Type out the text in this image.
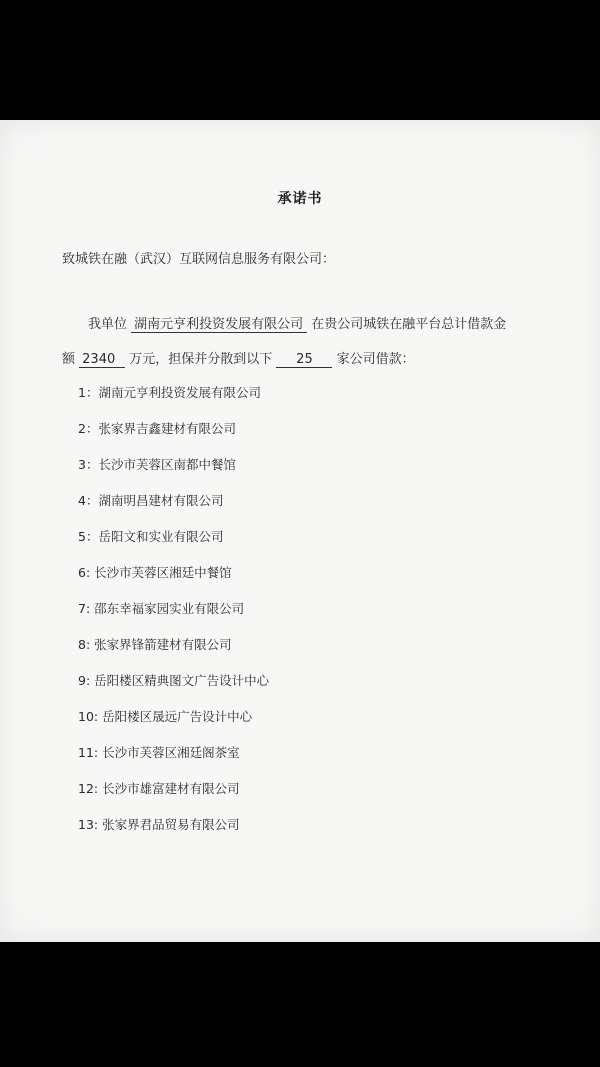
承诺书
致城铁在融（武汉）互联网信息服务有限公司：
我单位 湖南元亨利投资发展有限公司 在贵公司城铁在融平台总计借款金
额 2340 万元，担保并分散到以下 25 家公司借款：
1：湖南元亨利投资发展有限公司
2：张家界吉鑫建材有限公司
3：长沙市芙蓉区南都中餐馆
4：湖南明昌建材有限公司
5：岳阳文和实业有限公司
6: 长沙市芙蓉区湘廷中餐馆
7: 邵东幸福家园实业有限公司
8: 张家界锋箭建材有限公司
9: 岳阳楼区精典图文广告设计中心
10: 岳阳楼区晟远广告设计中心
11: 长沙市芙蓉区湘廷阁茶室
12: 长沙市雄富建材有限公司
13: 张家界君品贸易有限公司
